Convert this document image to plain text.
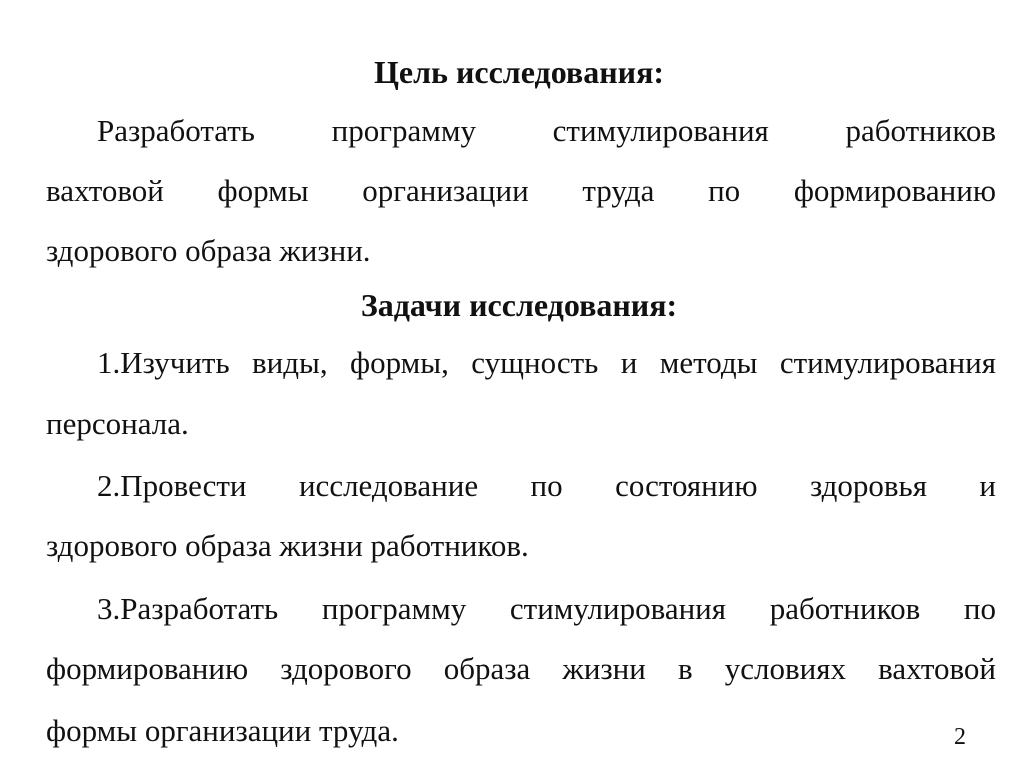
Цель исследования:
Разработать программу стимулирования работников
вахтовой формы организации труда по формированию
здорового образа жизни.
Задачи исследования:
1.Изучить виды, формы, сущность и методы стимулирования
персонала.
2.Провести исследование по состоянию здоровья и
здорового образа жизни работников.
3.Разработать программу стимулирования работников по
формированию здорового образа жизни в условиях вахтовой
формы организации труда.	2
